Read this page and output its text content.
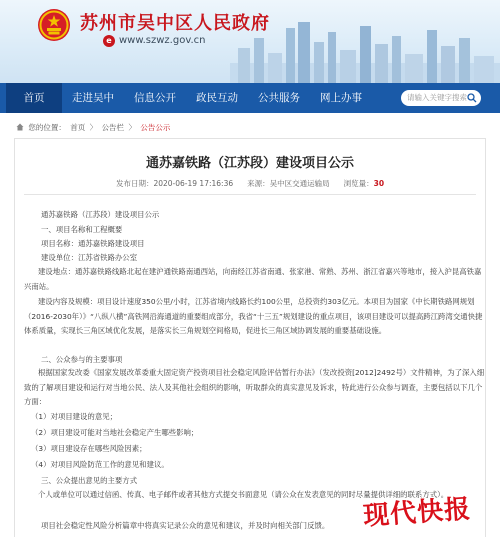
苏州市吴中区人民政府
e www.szwz.gov.cn
首页	走进吴中	信息公开	政民互动	公共服务	网上办事	请输入关键字搜索
您的位置： 首页 〉 公告栏 〉 公告公示
通苏嘉铁路（江苏段）建设项目公示
发布日期：2020-06-19 17:16:36 来源：吴中区交通运输局 浏览量：30
通苏嘉铁路（江苏段）建设项目公示
一、项目名称和工程概要
项目名称：通苏嘉铁路建设项目
建设单位：江苏省铁路办公室
建设地点：通苏嘉铁路线路北起在建沪通铁路南通西站，向南经江苏省南通、张家港、常熟、苏州、浙江省嘉兴等地市，接入沪昆高铁嘉兴南站。
建设内容及规模：项目设计速度350公里/小时，江苏省境内线路长约100公里，总投资约303亿元。本项目为国家《中长期铁路网规划（2016-2030年）》“八纵八横”高铁网沿海通道的重要组成部分，我省“十三五”规划建设的重点项目，该项目建设可以提高跨江跨湾交通快捷体系质量，实现长三角区域优化发展，是落实长三角规划空间格局，促进长三角区域协调发展的重要基础设施。
二、公众参与的主要事项
根据国家发改委《国家发展改革委重大固定资产投资项目社会稳定风险评估暂行办法》（发改投资[2012]2492号）文件精神，为了深入细致的了解项目建设和运行对当地公民、法人及其他社会组织的影响，听取群众的真实意见及诉求，特此进行公众参与调查，主要包括以下几个方面：
（1）对项目建设的意见；
（2）项目建设可能对当地社会稳定产生哪些影响；
（3）项目建设存在哪些风险因素；
（4）对项目风险防范工作的意见和建议。
三、公众提出意见的主要方式
个人或单位可以通过信函、传真、电子邮件或者其他方式提交书面意见（请公众在发表意见的同时尽量提供详细的联系方式）。
项目社会稳定性风险分析篇章中将真实记录公众的意见和建议，并及时向相关部门反馈。 现代快报
